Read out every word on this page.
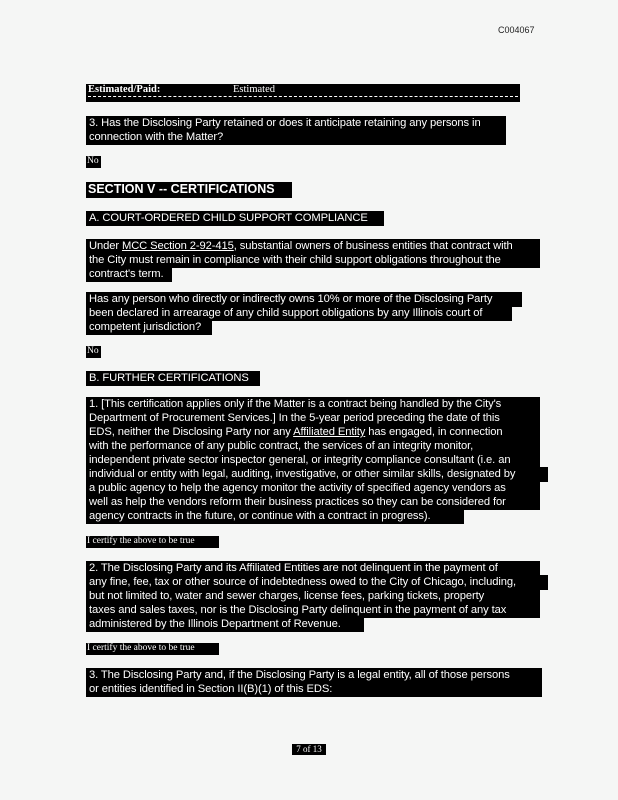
C004067
Estimated/Paid:	Estimated
3. Has the Disclosing Party retained or does it anticipate retaining any persons in
connection with the Matter?
No
SECTION V -- CERTIFICATIONS
A. COURT-ORDERED CHILD SUPPORT COMPLIANCE
Under MCC Section 2-92-415, substantial owners of business entities that contract with
the City must remain in compliance with their child support obligations throughout the
contract's term.
Has any person who directly or indirectly owns 10% or more of the Disclosing Party
been declared in arrearage of any child support obligations by any Illinois court of
competent jurisdiction?
No
B. FURTHER CERTIFICATIONS
1. [This certification applies only if the Matter is a contract being handled by the City's
Department of Procurement Services.] In the 5-year period preceding the date of this
EDS, neither the Disclosing Party nor any Affiliated Entity has engaged, in connection
with the performance of any public contract, the services of an integrity monitor,
independent private sector inspector general, or integrity compliance consultant (i.e. an
individual or entity with legal, auditing, investigative, or other similar skills, designated by
a public agency to help the agency monitor the activity of specified agency vendors as
well as help the vendors reform their business practices so they can be considered for
agency contracts in the future, or continue with a contract in progress).
I certify the above to be true
2. The Disclosing Party and its Affiliated Entities are not delinquent in the payment of
any fine, fee, tax or other source of indebtedness owed to the City of Chicago, including,
but not limited to, water and sewer charges, license fees, parking tickets, property
taxes and sales taxes, nor is the Disclosing Party delinquent in the payment of any tax
administered by the Illinois Department of Revenue.
I certify the above to be true
3. The Disclosing Party and, if the Disclosing Party is a legal entity, all of those persons
or entities identified in Section II(B)(1) of this EDS:
7 of 13
